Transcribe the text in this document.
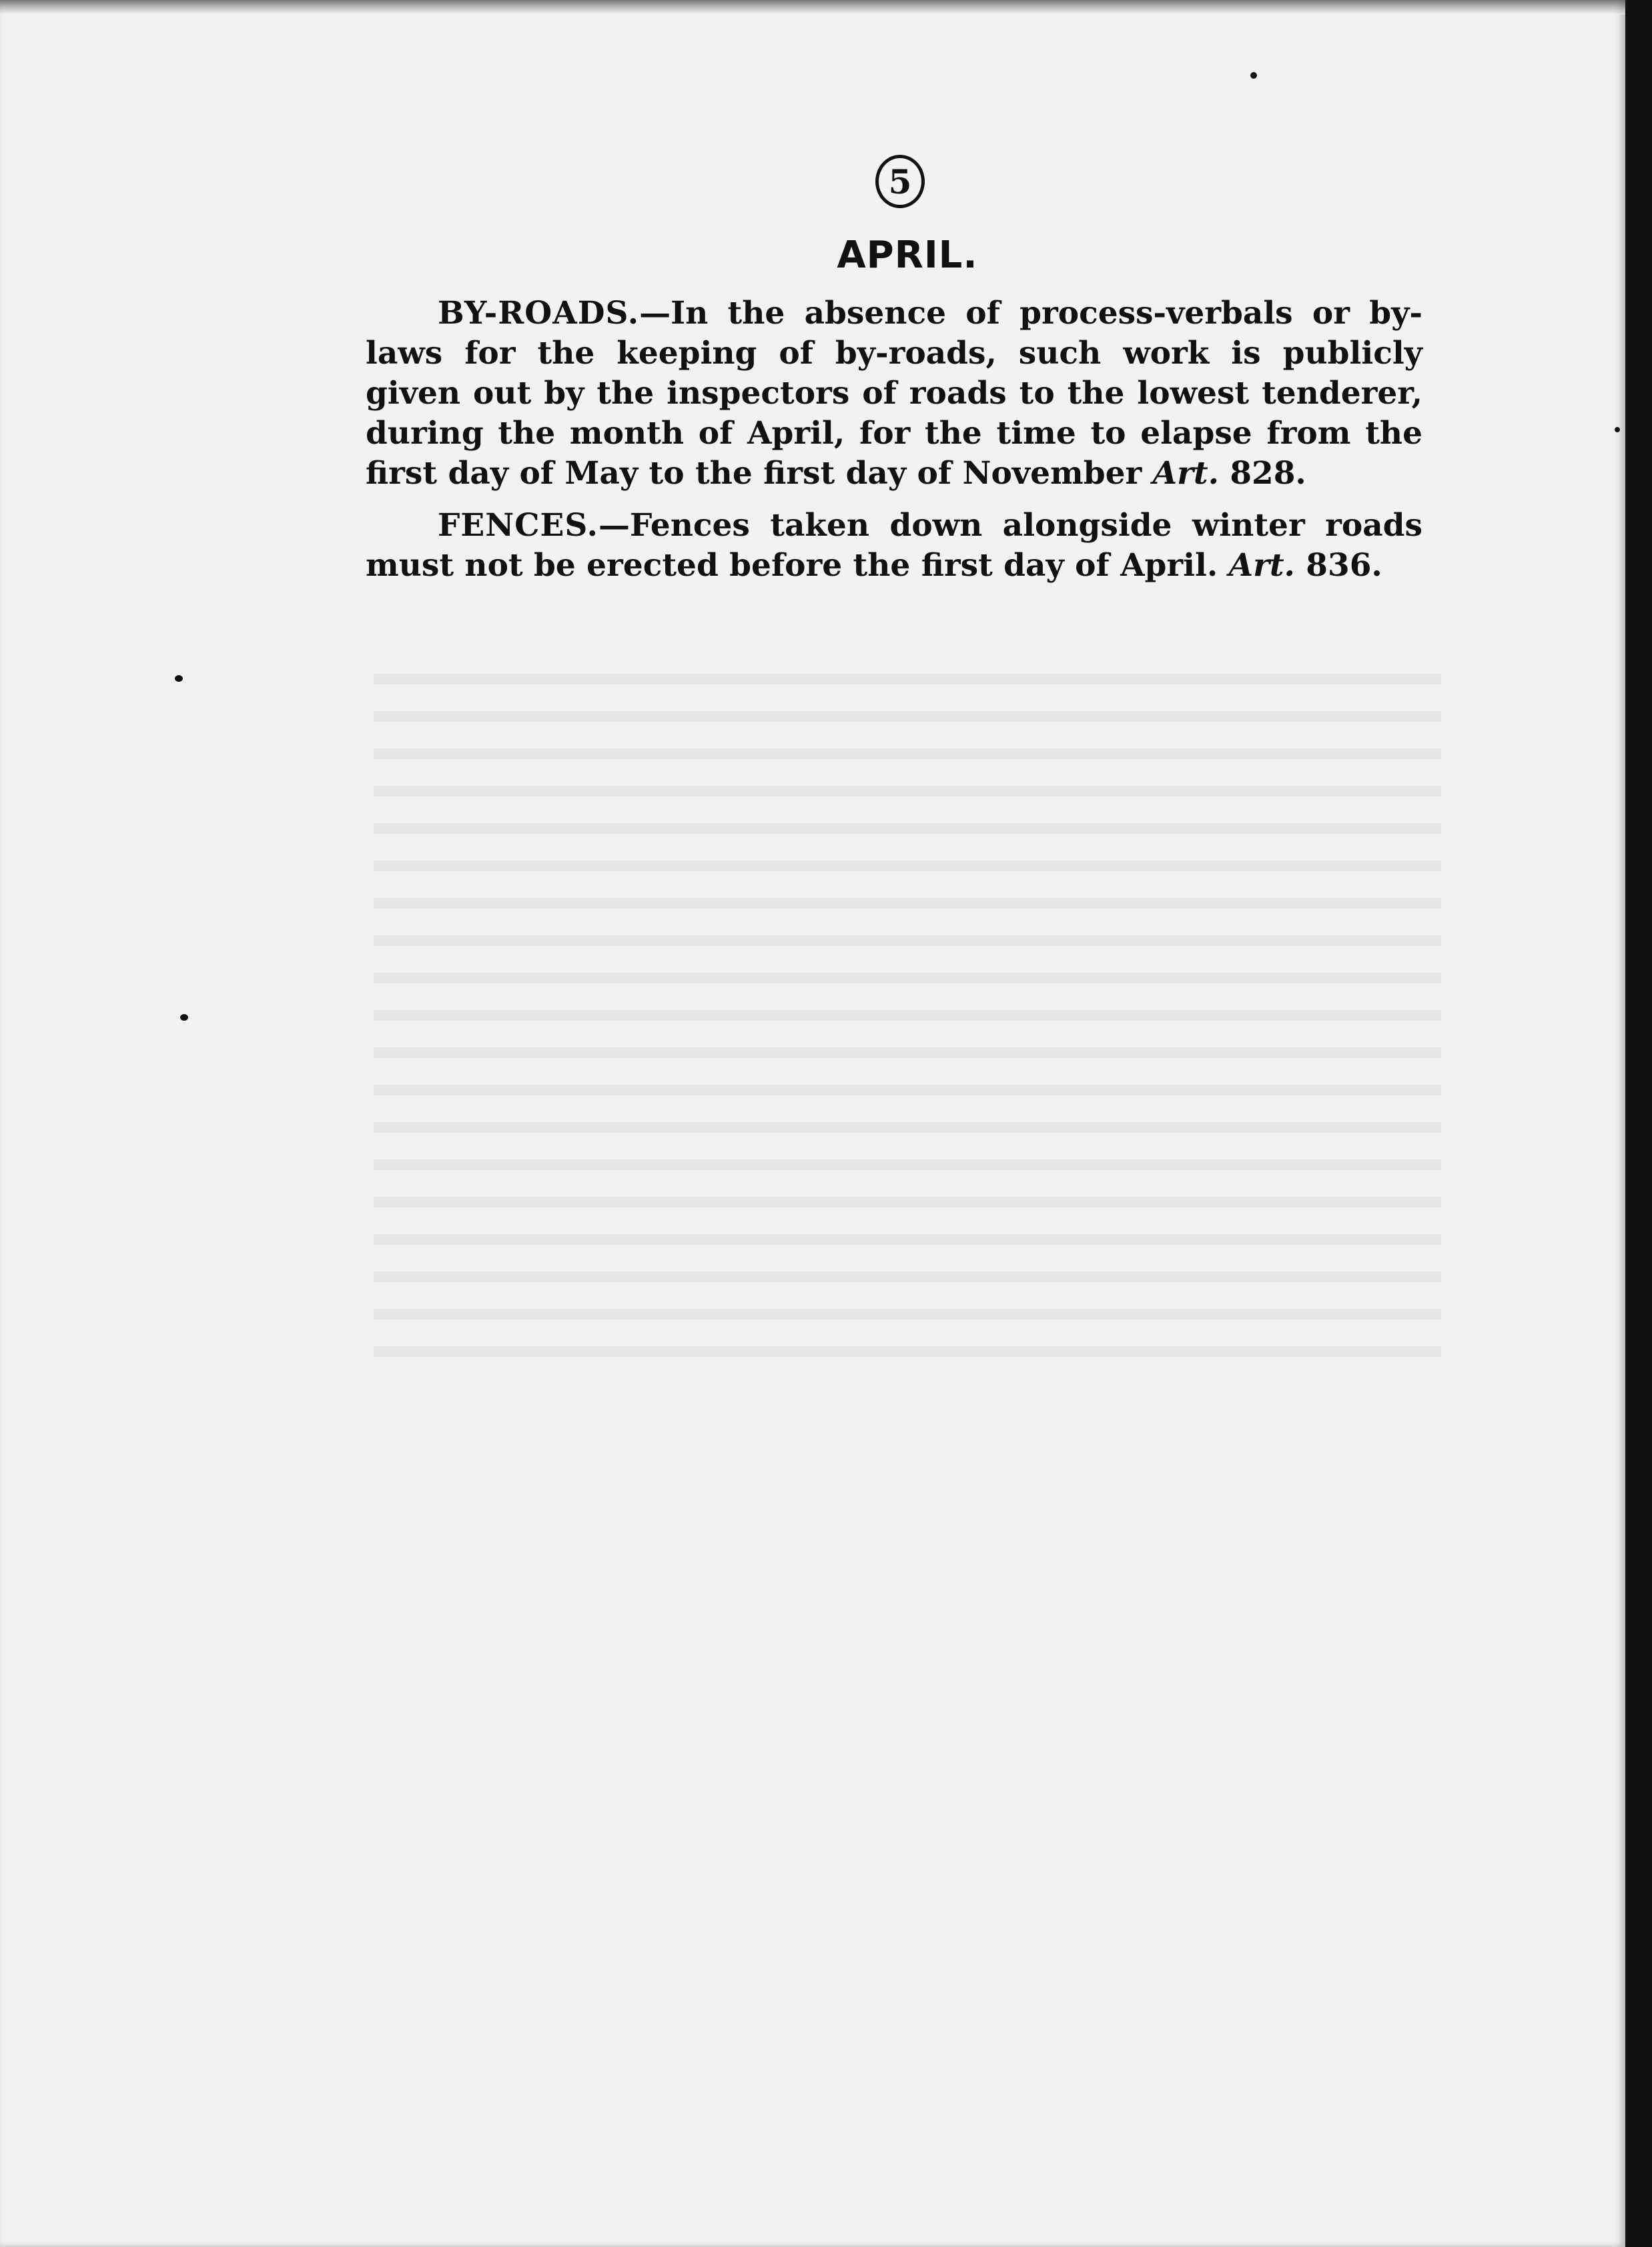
5
APRIL.

BY-ROADS.—In the absence of process-verbals or by-laws for the keeping of by-roads, such work is publicly given out by the inspectors of roads to the lowest tenderer, during the month of April, for the time to elapse from the first day of May to the first day of November Art. 828.

FENCES.—Fences taken down alongside winter roads must not be erected before the first day of April. Art. 836.
